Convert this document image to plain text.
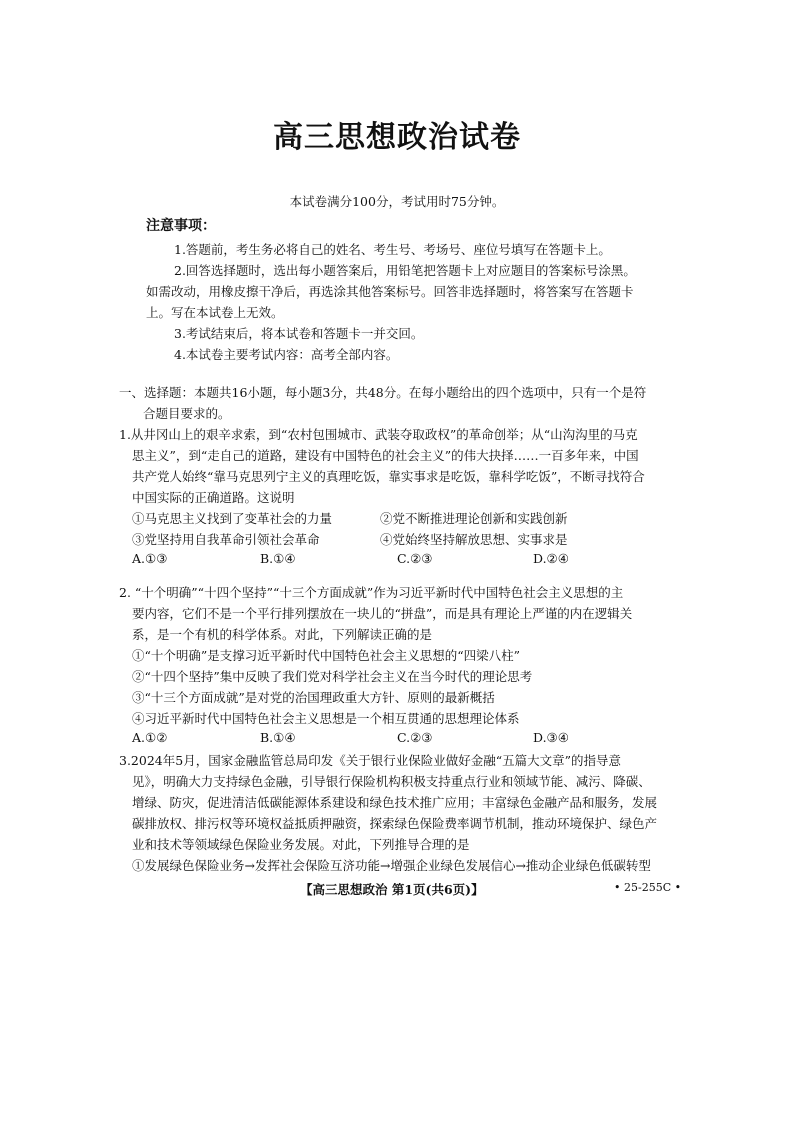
高三思想政治试卷
本试卷满分100分，考试用时75分钟。
注意事项：
1.答题前，考生务必将自己的姓名、考生号、考场号、座位号填写在答题卡上。
2.回答选择题时，选出每小题答案后，用铅笔把答题卡上对应题目的答案标号涂黑。
如需改动，用橡皮擦干净后，再选涂其他答案标号。回答非选择题时，将答案写在答题卡
上。写在本试卷上无效。
3.考试结束后，将本试卷和答题卡一并交回。
4.本试卷主要考试内容：高考全部内容。
一、选择题：本题共16小题，每小题3分，共48分。在每小题给出的四个选项中，只有一个是符
合题目要求的。
1.从井冈山上的艰辛求索，到“农村包围城市、武装夺取政权”的革命创举；从“山沟沟里的马克
思主义”，到“走自己的道路，建设有中国特色的社会主义”的伟大抉择……一百多年来，中国
共产党人始终“靠马克思列宁主义的真理吃饭，靠实事求是吃饭，靠科学吃饭”，不断寻找符合
中国实际的正确道路。这说明
①马克思主义找到了变革社会的力量	②党不断推进理论创新和实践创新
③党坚持用自我革命引领社会革命	④党始终坚持解放思想、实事求是
A.①③	B.①④	C.②③	D.②④
2. “十个明确”“十四个坚持”“十三个方面成就”作为习近平新时代中国特色社会主义思想的主
要内容，它们不是一个平行排列摆放在一块儿的“拼盘”，而是具有理论上严谨的内在逻辑关
系，是一个有机的科学体系。对此，下列解读正确的是
①“十个明确”是支撑习近平新时代中国特色社会主义思想的“四梁八柱”
②“十四个坚持”集中反映了我们党对科学社会主义在当今时代的理论思考
③“十三个方面成就”是对党的治国理政重大方针、原则的最新概括
④习近平新时代中国特色社会主义思想是一个相互贯通的思想理论体系
A.①②	B.①④	C.②③	D.③④
3.2024年5月，国家金融监管总局印发《关于银行业保险业做好金融“五篇大文章”的指导意
见》，明确大力支持绿色金融，引导银行保险机构积极支持重点行业和领域节能、减污、降碳、
增绿、防灾，促进清洁低碳能源体系建设和绿色技术推广应用；丰富绿色金融产品和服务，发展
碳排放权、排污权等环境权益抵质押融资，探索绿色保险费率调节机制，推动环境保护、绿色产
业和技术等领域绿色保险业务发展。对此，下列推导合理的是
①发展绿色保险业务→发挥社会保险互济功能→增强企业绿色发展信心→推动企业绿色低碳转型
【高三思想政治 第1页(共6页)】	• 25-255C •
